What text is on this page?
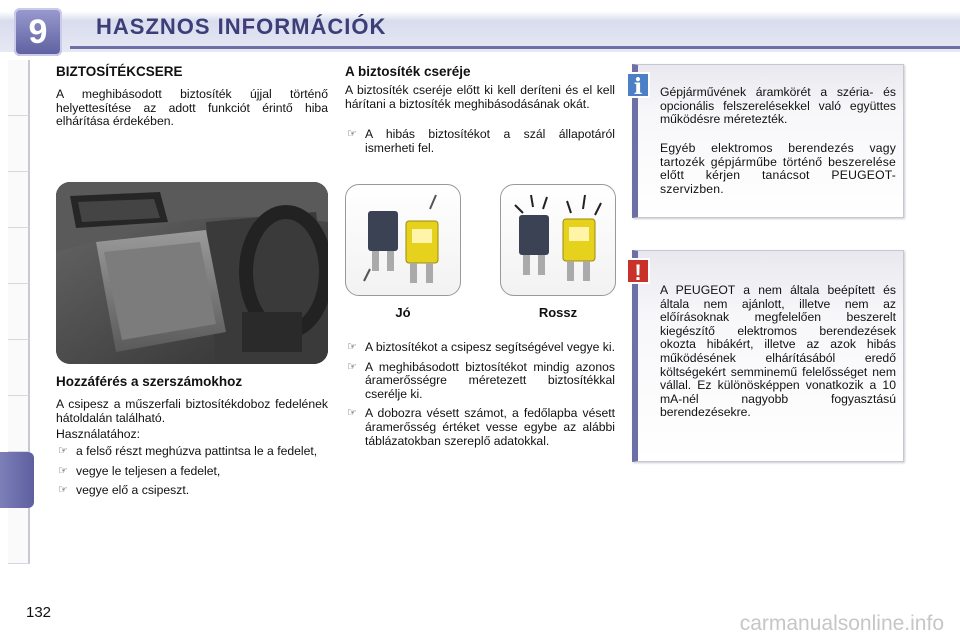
9	HASZNOS INFORMÁCIÓK
132
BIZTOSÍTÉKCSERE
A meghibásodott biztosíték újjal történő helyettesítése az adott funkciót érintő hiba elhárítása érdekében.
Hozzáférés a szerszámokhoz
A csipesz a műszerfali biztosítékdoboz fedelének hátoldalán található.
Használatához:
☞ a felső részt meghúzva pattintsa le a fedelet,
☞ vegye le teljesen a fedelet,
☞ vegye elő a csipeszt.
A biztosíték cseréje
A biztosíték cseréje előtt ki kell deríteni és el kell hárítani a biztosíték meghibásodásának okát.
☞ A hibás biztosítékot a szál állapotáról ismerheti fel.
Jó	Rossz
☞ A biztosítékot a csipesz segítségével vegye ki.
☞ A meghibásodott biztosítékot mindig azonos áramerősségre méretezett biztosítékkal cserélje ki.
☞ A dobozra vésett számot, a fedőlapba vésett áramerősség értéket vesse egybe az alábbi táblázatokban szereplő adatokkal.
i	Gépjárművének áramkörét a széria- és opcionális felszerelésekkel való együttes működésre méretezték.
Egyéb elektromos berendezés vagy tartozék gépjárműbe történő beszerelése előtt kérjen tanácsot PEUGEOT-szervizben.
!
A PEUGEOT a nem általa beépített és általa nem ajánlott, illetve nem az előírásoknak megfelelően beszerelt kiegészítő elektromos berendezések okozta hibákért, illetve az azok hibás működésének elhárításából eredő költségekért semminemű felelősséget nem vállal. Ez különösképpen vonatkozik a 10 mA-nél nagyobb fogyasztású berendezésekre.
carmanualsonline.info
